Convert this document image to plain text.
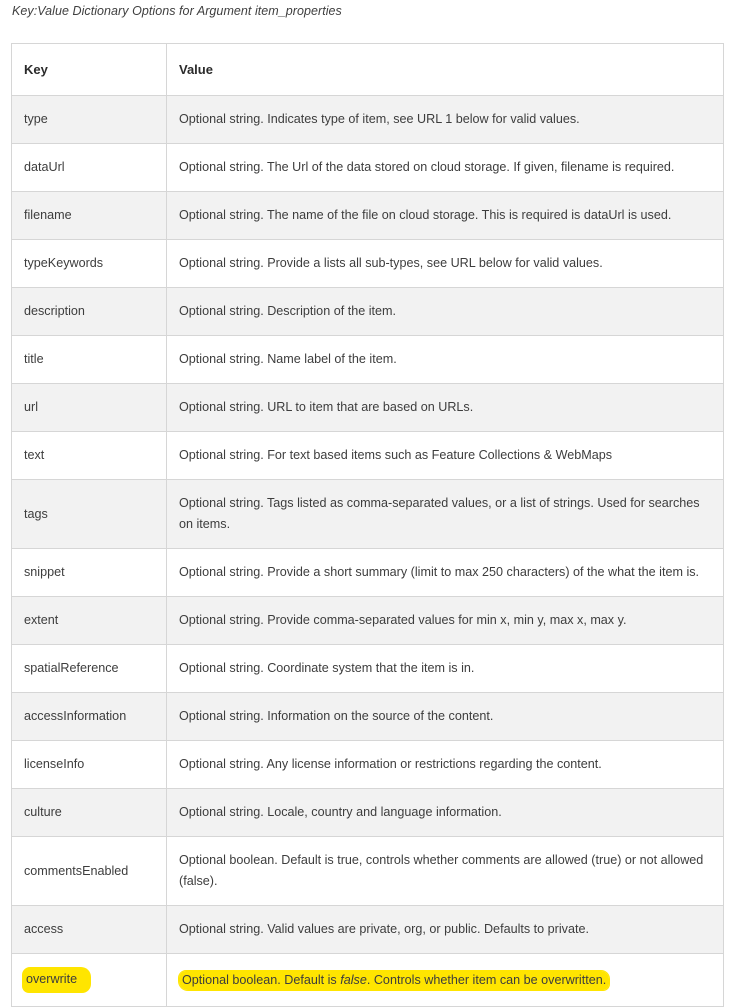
Key:Value Dictionary Options for Argument item_properties
Key	Value
type	Optional string. Indicates type of item, see URL 1 below for valid values.
dataUrl	Optional string. The Url of the data stored on cloud storage. If given, filename is required.
filename	Optional string. The name of the file on cloud storage. This is required is dataUrl is used.
typeKeywords	Optional string. Provide a lists all sub-types, see URL below for valid values.
description	Optional string. Description of the item.
title	Optional string. Name label of the item.
url	Optional string. URL to item that are based on URLs.
text	Optional string. For text based items such as Feature Collections & WebMaps
tags	Optional string. Tags listed as comma-separated values, or a list of strings. Used for searches on items.
snippet	Optional string. Provide a short summary (limit to max 250 characters) of the what the item is.
extent	Optional string. Provide comma-separated values for min x, min y, max x, max y.
spatialReference	Optional string. Coordinate system that the item is in.
accessInformation	Optional string. Information on the source of the content.
licenseInfo	Optional string. Any license information or restrictions regarding the content.
culture	Optional string. Locale, country and language information.
commentsEnabled	Optional boolean. Default is true, controls whether comments are allowed (true) or not allowed (false).
access	Optional string. Valid values are private, org, or public. Defaults to private.
overwrite	Optional boolean. Default is false. Controls whether item can be overwritten.
